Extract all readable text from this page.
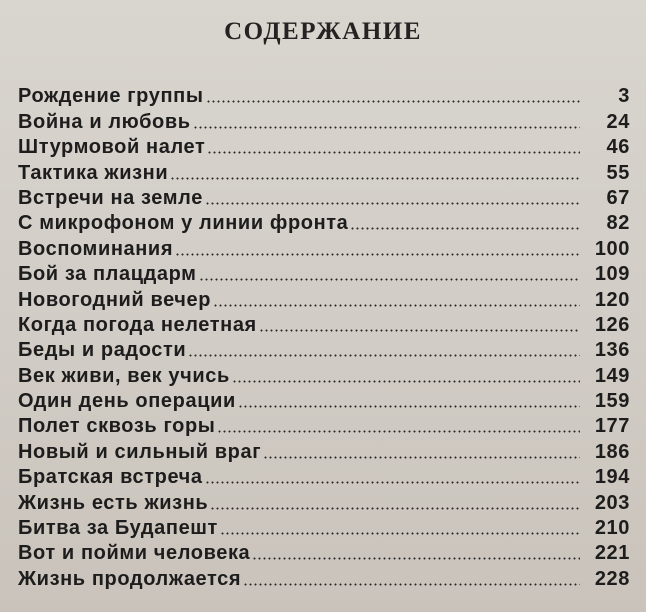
СОДЕРЖАНИЕ
Рождение группы	3
Война и любовь	24
Штурмовой налет	46
Тактика жизни	55
Встречи на земле	67
С микрофоном у линии фронта	82
Воспоминания	100
Бой за плацдарм	109
Новогодний вечер	120
Когда погода нелетная	126
Беды и радости	136
Век живи, век учись	149
Один день операции	159
Полет сквозь горы	177
Новый и сильный враг	186
Братская встреча	194
Жизнь есть жизнь	203
Битва за Будапешт	210
Вот и пойми человека	221
Жизнь продолжается	228
